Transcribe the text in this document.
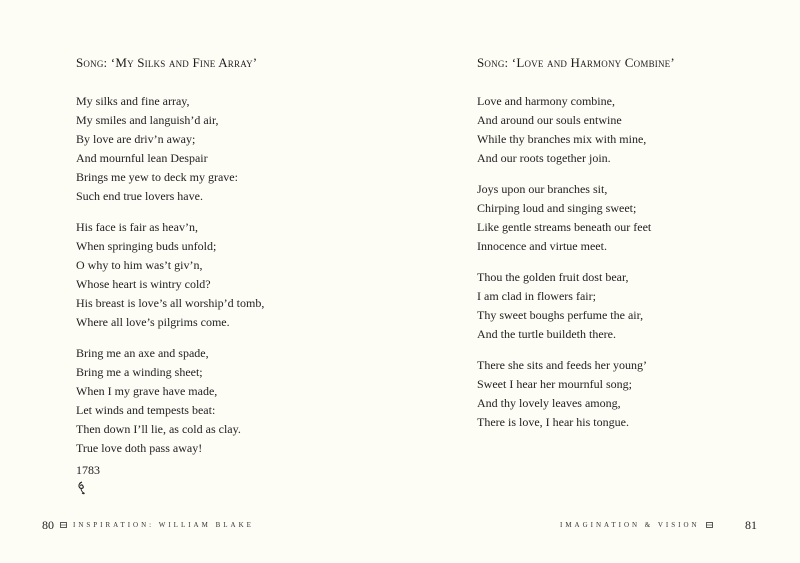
Song: ‘My Silks and Fine Array’
My silks and fine array,
My smiles and languish’d air,
By love are driv’n away;
And mournful lean Despair
Brings me yew to deck my grave:
Such end true lovers have.
His face is fair as heav’n,
When springing buds unfold;
O why to him was’t giv’n,
Whose heart is wintry cold?
His breast is love’s all worship’d tomb,
Where all love’s pilgrims come.
Bring me an axe and spade,
Bring me a winding sheet;
When I my grave have made,
Let winds and tempests beat:
Then down I’ll lie, as cold as clay.
True love doth pass away!
1783
80	INSPIRATION: WILLIAM BLAKE
Song: ‘Love and Harmony Combine’
Love and harmony combine,
And around our souls entwine
While thy branches mix with mine,
And our roots together join.
Joys upon our branches sit,
Chirping loud and singing sweet;
Like gentle streams beneath our feet
Innocence and virtue meet.
Thou the golden fruit dost bear,
I am clad in flowers fair;
Thy sweet boughs perfume the air,
And the turtle buildeth there.
There she sits and feeds her young’
Sweet I hear her mournful song;
And thy lovely leaves among,
There is love, I hear his tongue.
IMAGINATION & VISION	81
